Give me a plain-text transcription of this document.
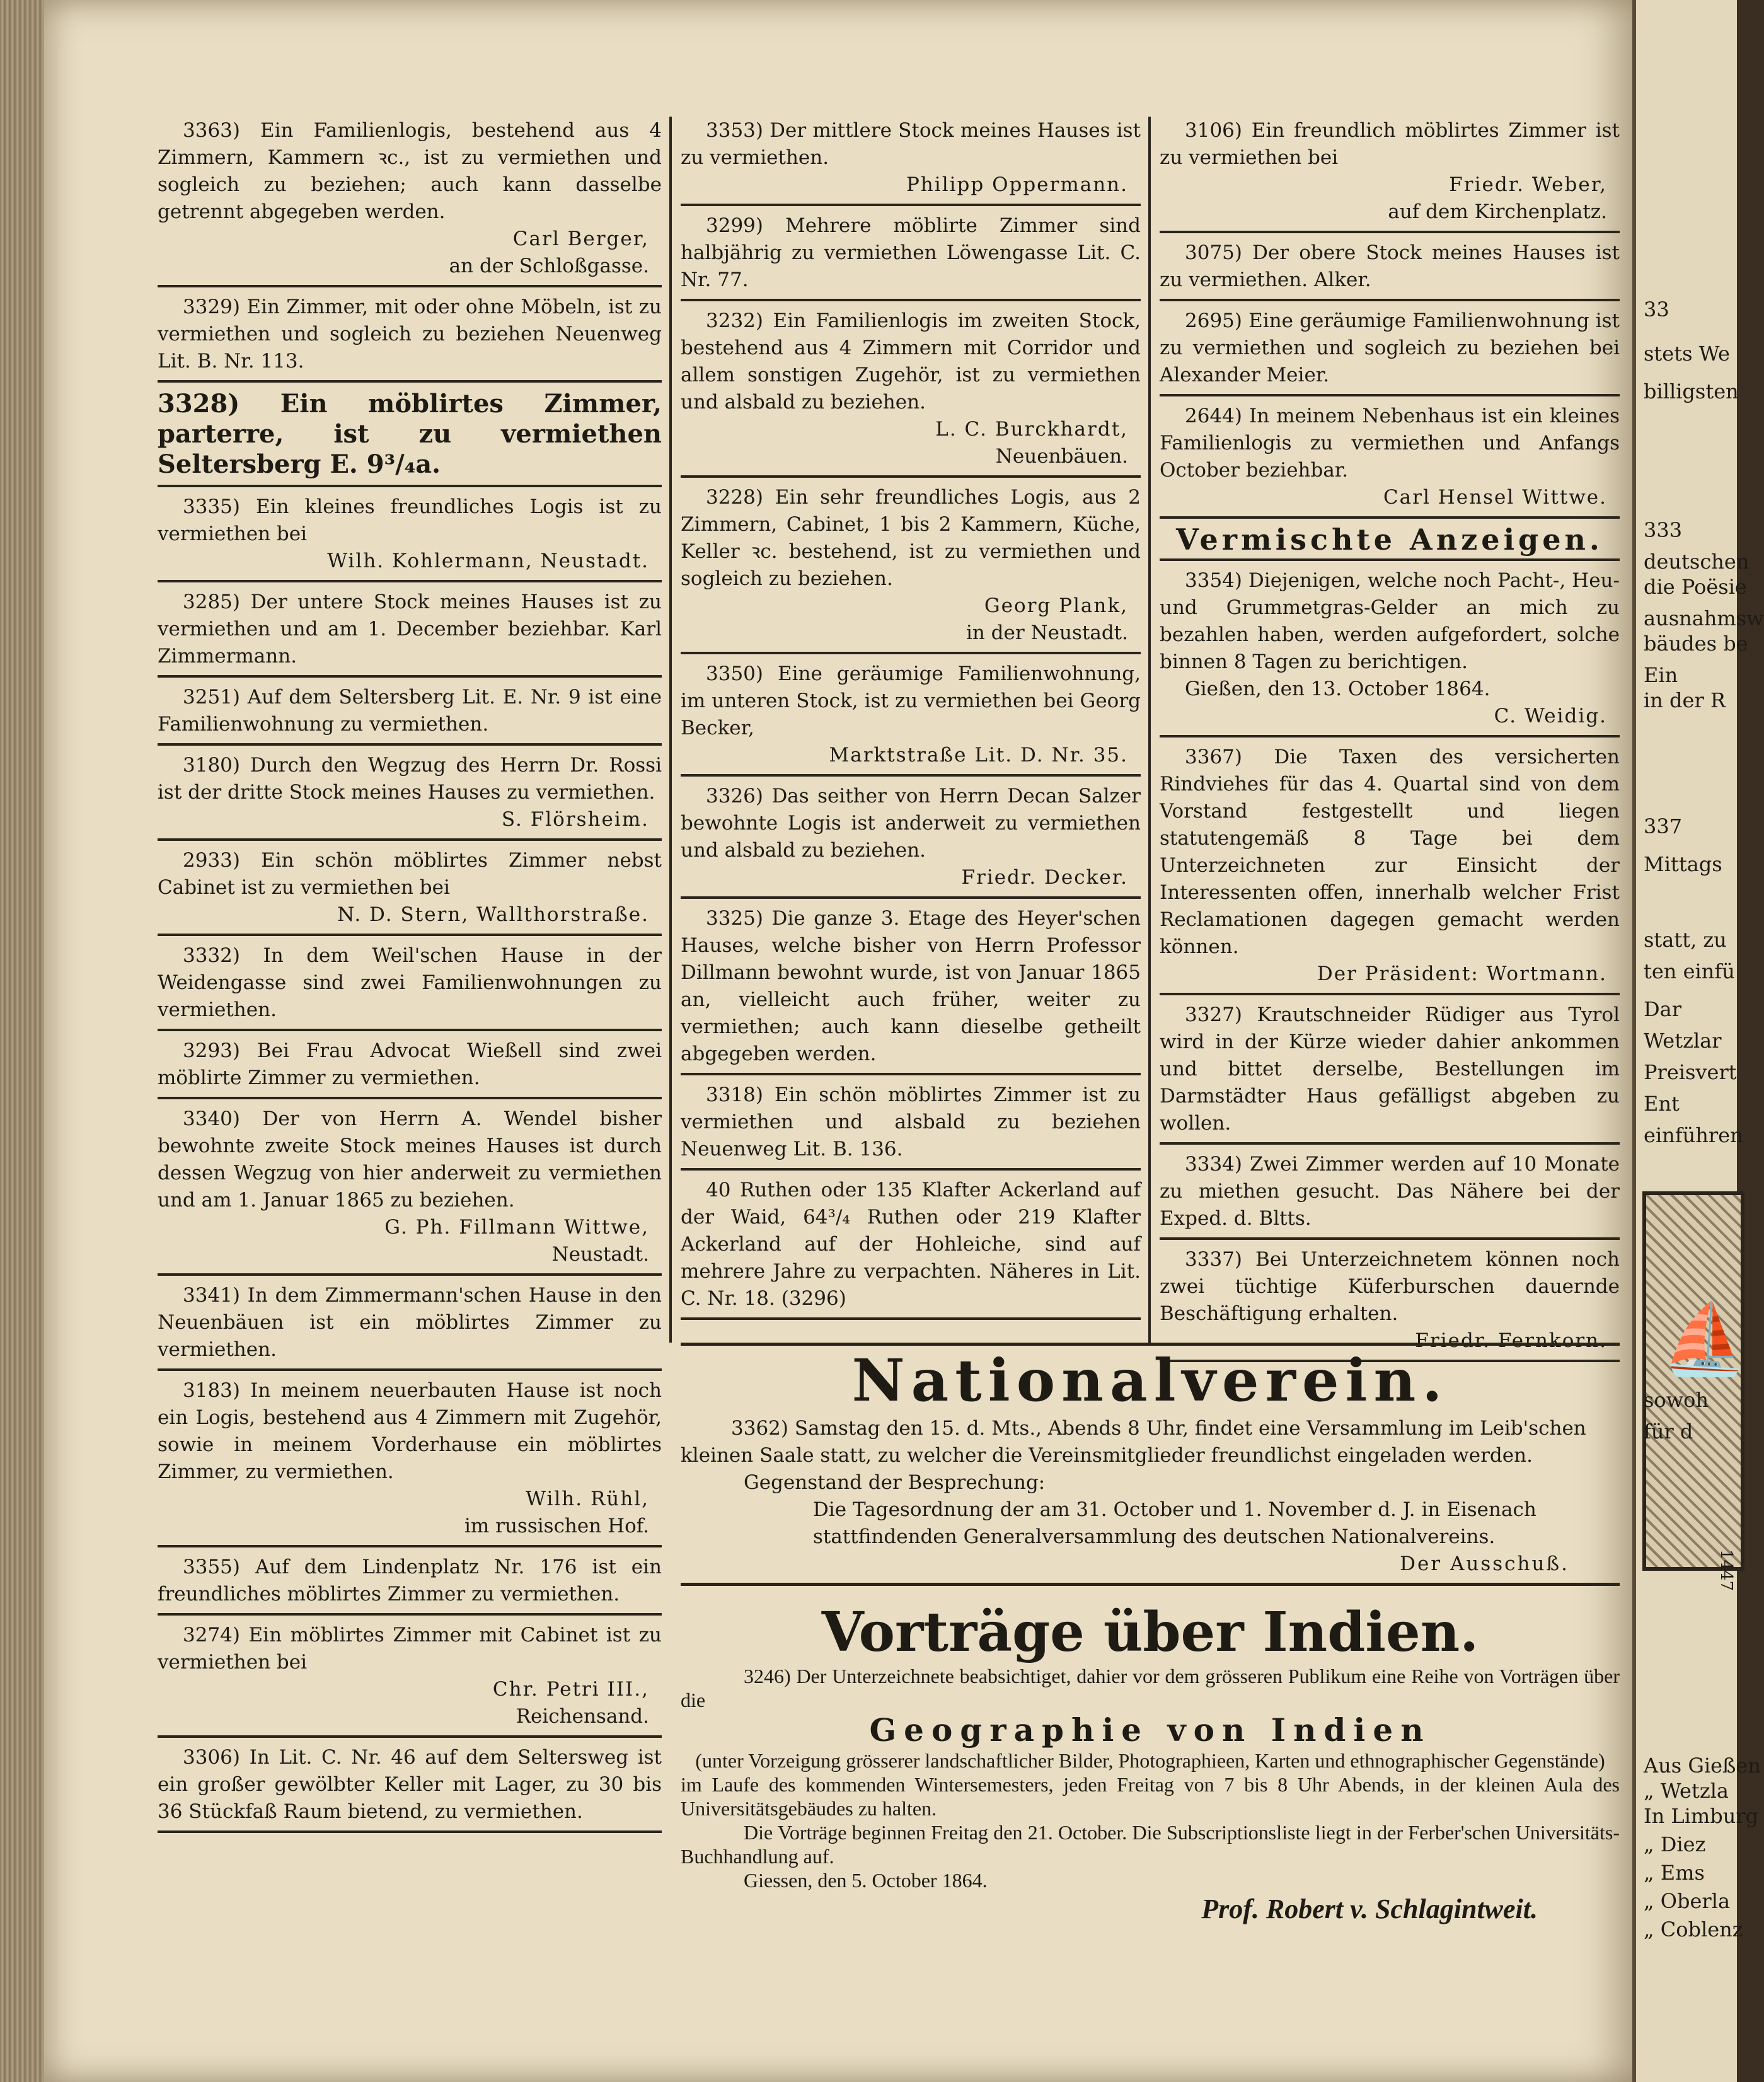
3363) Ein Familienlogis, bestehend aus 4 Zimmern, Kammern ꝛc., ist zu vermiethen und sogleich zu beziehen; auch kann dasselbe getrennt abgegeben werden.

Carl Berger,
an der Schloßgasse.

3329) Ein Zimmer, mit oder ohne Möbeln, ist zu vermiethen und sogleich zu beziehen Neuenweg Lit. B. Nr. 113.

3328) Ein möblirtes Zimmer, parterre, ist zu vermiethen Seltersberg E. 9³/₄a.

3335) Ein kleines freundliches Logis ist zu vermiethen bei

Wilh. Kohlermann, Neustadt.

3285) Der untere Stock meines Hauses ist zu vermiethen und am 1. December beziehbar. Karl Zimmermann.

3251) Auf dem Seltersberg Lit. E. Nr. 9 ist eine Familienwohnung zu vermiethen.

3180) Durch den Wegzug des Herrn Dr. Rossi ist der dritte Stock meines Hauses zu vermiethen.

S. Flörsheim.

2933) Ein schön möblirtes Zimmer nebst Cabinet ist zu vermiethen bei

N. D. Stern, Wallthorstraße.

3332) In dem Weil'schen Hause in der Weidengasse sind zwei Familienwohnungen zu vermiethen.

3293) Bei Frau Advocat Wießell sind zwei möblirte Zimmer zu vermiethen.

3340) Der von Herrn A. Wendel bisher bewohnte zweite Stock meines Hauses ist durch dessen Wegzug von hier anderweit zu vermiethen und am 1. Januar 1865 zu beziehen.

G. Ph. Fillmann Wittwe,
Neustadt.

3341) In dem Zimmermann'schen Hause in den Neuenbäuen ist ein möblirtes Zimmer zu vermiethen.

3183) In meinem neuerbauten Hause ist noch ein Logis, bestehend aus 4 Zimmern mit Zugehör, sowie in meinem Vorderhause ein möblirtes Zimmer, zu vermiethen.

Wilh. Rühl,
im russischen Hof.

3355) Auf dem Lindenplatz Nr. 176 ist ein freundliches möblirtes Zimmer zu vermiethen.

3274) Ein möblirtes Zimmer mit Cabinet ist zu vermiethen bei

Chr. Petri III.,
Reichensand.

3306) In Lit. C. Nr. 46 auf dem Selterswеg ist ein großer gewölbter Keller mit Lager, zu 30 bis 36 Stückfaß Raum bietend, zu vermiethen.

3353) Der mittlere Stock meines Hauses ist zu vermiethen.

Philipp Oppermann.

3299) Mehrere möblirte Zimmer sind halbjährig zu vermiethen Löwengasse Lit. C. Nr. 77.

3232) Ein Familienlogis im zweiten Stock, bestehend aus 4 Zimmern mit Corridor und allem sonstigen Zugehör, ist zu vermiethen und alsbald zu beziehen.

L. C. Burckhardt,
Neuenbäuen.

3228) Ein sehr freundliches Logis, aus 2 Zimmern, Cabinet, 1 bis 2 Kammern, Küche, Keller ꝛc. bestehend, ist zu vermiethen und sogleich zu beziehen.

Georg Plank,
in der Neustadt.

3350) Eine geräumige Familienwohnung, im unteren Stock, ist zu vermiethen bei Georg Becker,

Marktstraße Lit. D. Nr. 35.

3326) Das seither von Herrn Decan Salzer bewohnte Logis ist anderweit zu vermiethen und alsbald zu beziehen.

Friedr. Decker.

3325) Die ganze 3. Etage des Heyer'schen Hauses, welche bisher von Herrn Professor Dillmann bewohnt wurde, ist von Januar 1865 an, vielleicht auch früher, weiter zu vermiethen; auch kann dieselbe getheilt abgegeben werden.

3318) Ein schön möblirtes Zimmer ist zu vermiethen und alsbald zu beziehen Neuenweg Lit. B. 136.

40 Ruthen oder 135 Klafter Ackerland auf der Waid, 64³/₄ Ruthen oder 219 Klafter Ackerland auf der Hohleiche, sind auf mehrere Jahre zu verpachten. Näheres in Lit. C. Nr. 18. (3296)

3106) Ein freundlich möblirtes Zimmer ist zu vermiethen bei

Friedr. Weber,
auf dem Kirchenplatz.

3075) Der obere Stock meines Hauses ist zu vermiethen. Alker.

2695) Eine geräumige Familienwohnung ist zu vermiethen und sogleich zu beziehen bei Alexander Meier.

2644) In meinem Nebenhaus ist ein kleines Familienlogis zu vermiethen und Anfangs October beziehbar.

Carl Hensel Wittwe.
Vermischte Anzeigen.

3354) Diejenigen, welche noch Pacht-, Heu- und Grummetgras-Gelder an mich zu bezahlen haben, werden aufgefordert, solche binnen 8 Tagen zu berichtigen.

Gießen, den 13. October 1864.

C. Weidig.

3367) Die Taxen des versicherten Rindviehes für das 4. Quartal sind von dem Vorstand festgestellt und liegen statutengemäß 8 Tage bei dem Unterzeichneten zur Einsicht der Interessenten offen, innerhalb welcher Frist Reclamationen dagegen gemacht werden können.

Der Präsident: Wortmann.

3327) Krautschneider Rüdiger aus Tyrol wird in der Kürze wieder dahier ankommen und bittet derselbe, Bestellungen im Darmstädter Haus gefälligst abgeben zu wollen.

3334) Zwei Zimmer werden auf 10 Monate zu miethen gesucht. Das Nähere bei der Exped. d. Bltts.

3337) Bei Unterzeichnetem können noch zwei tüchtige Küferburschen dauernde Beschäftigung erhalten.

Friedr. Fernkorn.
Nationalverein.

3362) Samstag den 15. d. Mts., Abends 8 Uhr, findet eine Versammlung im Leib'schen kleinen Saale statt, zu welcher die Vereinsmitglieder freundlichst eingeladen werden.

Gegenstand der Besprechung:

Die Tagesordnung der am 31. October und 1. November d. J. in Eisenach stattfindenden Generalversammlung des deutschen Nationalvereins.

Der Ausschuß.
Vorträge über Indien.

3246) Der Unterzeichnete beabsichtiget, dahier vor dem grösseren Publikum eine Reihe von Vorträgen über die

Geographie von Indien

(unter Vorzeigung grösserer landschaftlicher Bilder, Photographieen, Karten und ethnographischer Gegenstände)

im Laufe des kommenden Wintersemesters, jeden Freitag von 7 bis 8 Uhr Abends, in der kleinen Aula des Universitätsgebäudes zu halten.

Die Vorträge beginnen Freitag den 21. October. Die Subscriptionsliste liegt in der Ferber'schen Universitäts-Buchhandlung auf.

Giessen, den 5. October 1864.

Prof. Robert v. Schlagintweit.
⛵
1447
33
stets We
billigsten
333
deutschen
die Poësie
ausnahmsw
bäudes be
Ein
in der R
337
Mittags
statt, zu
ten einfü
Dar
Wetzlar
Preisvert
Ent
einführen
sowoh
für d
Aus Gießen
„ Wetzla
In Limburg
„ Diez
„ Ems
„ Oberla
„ Coblenz
